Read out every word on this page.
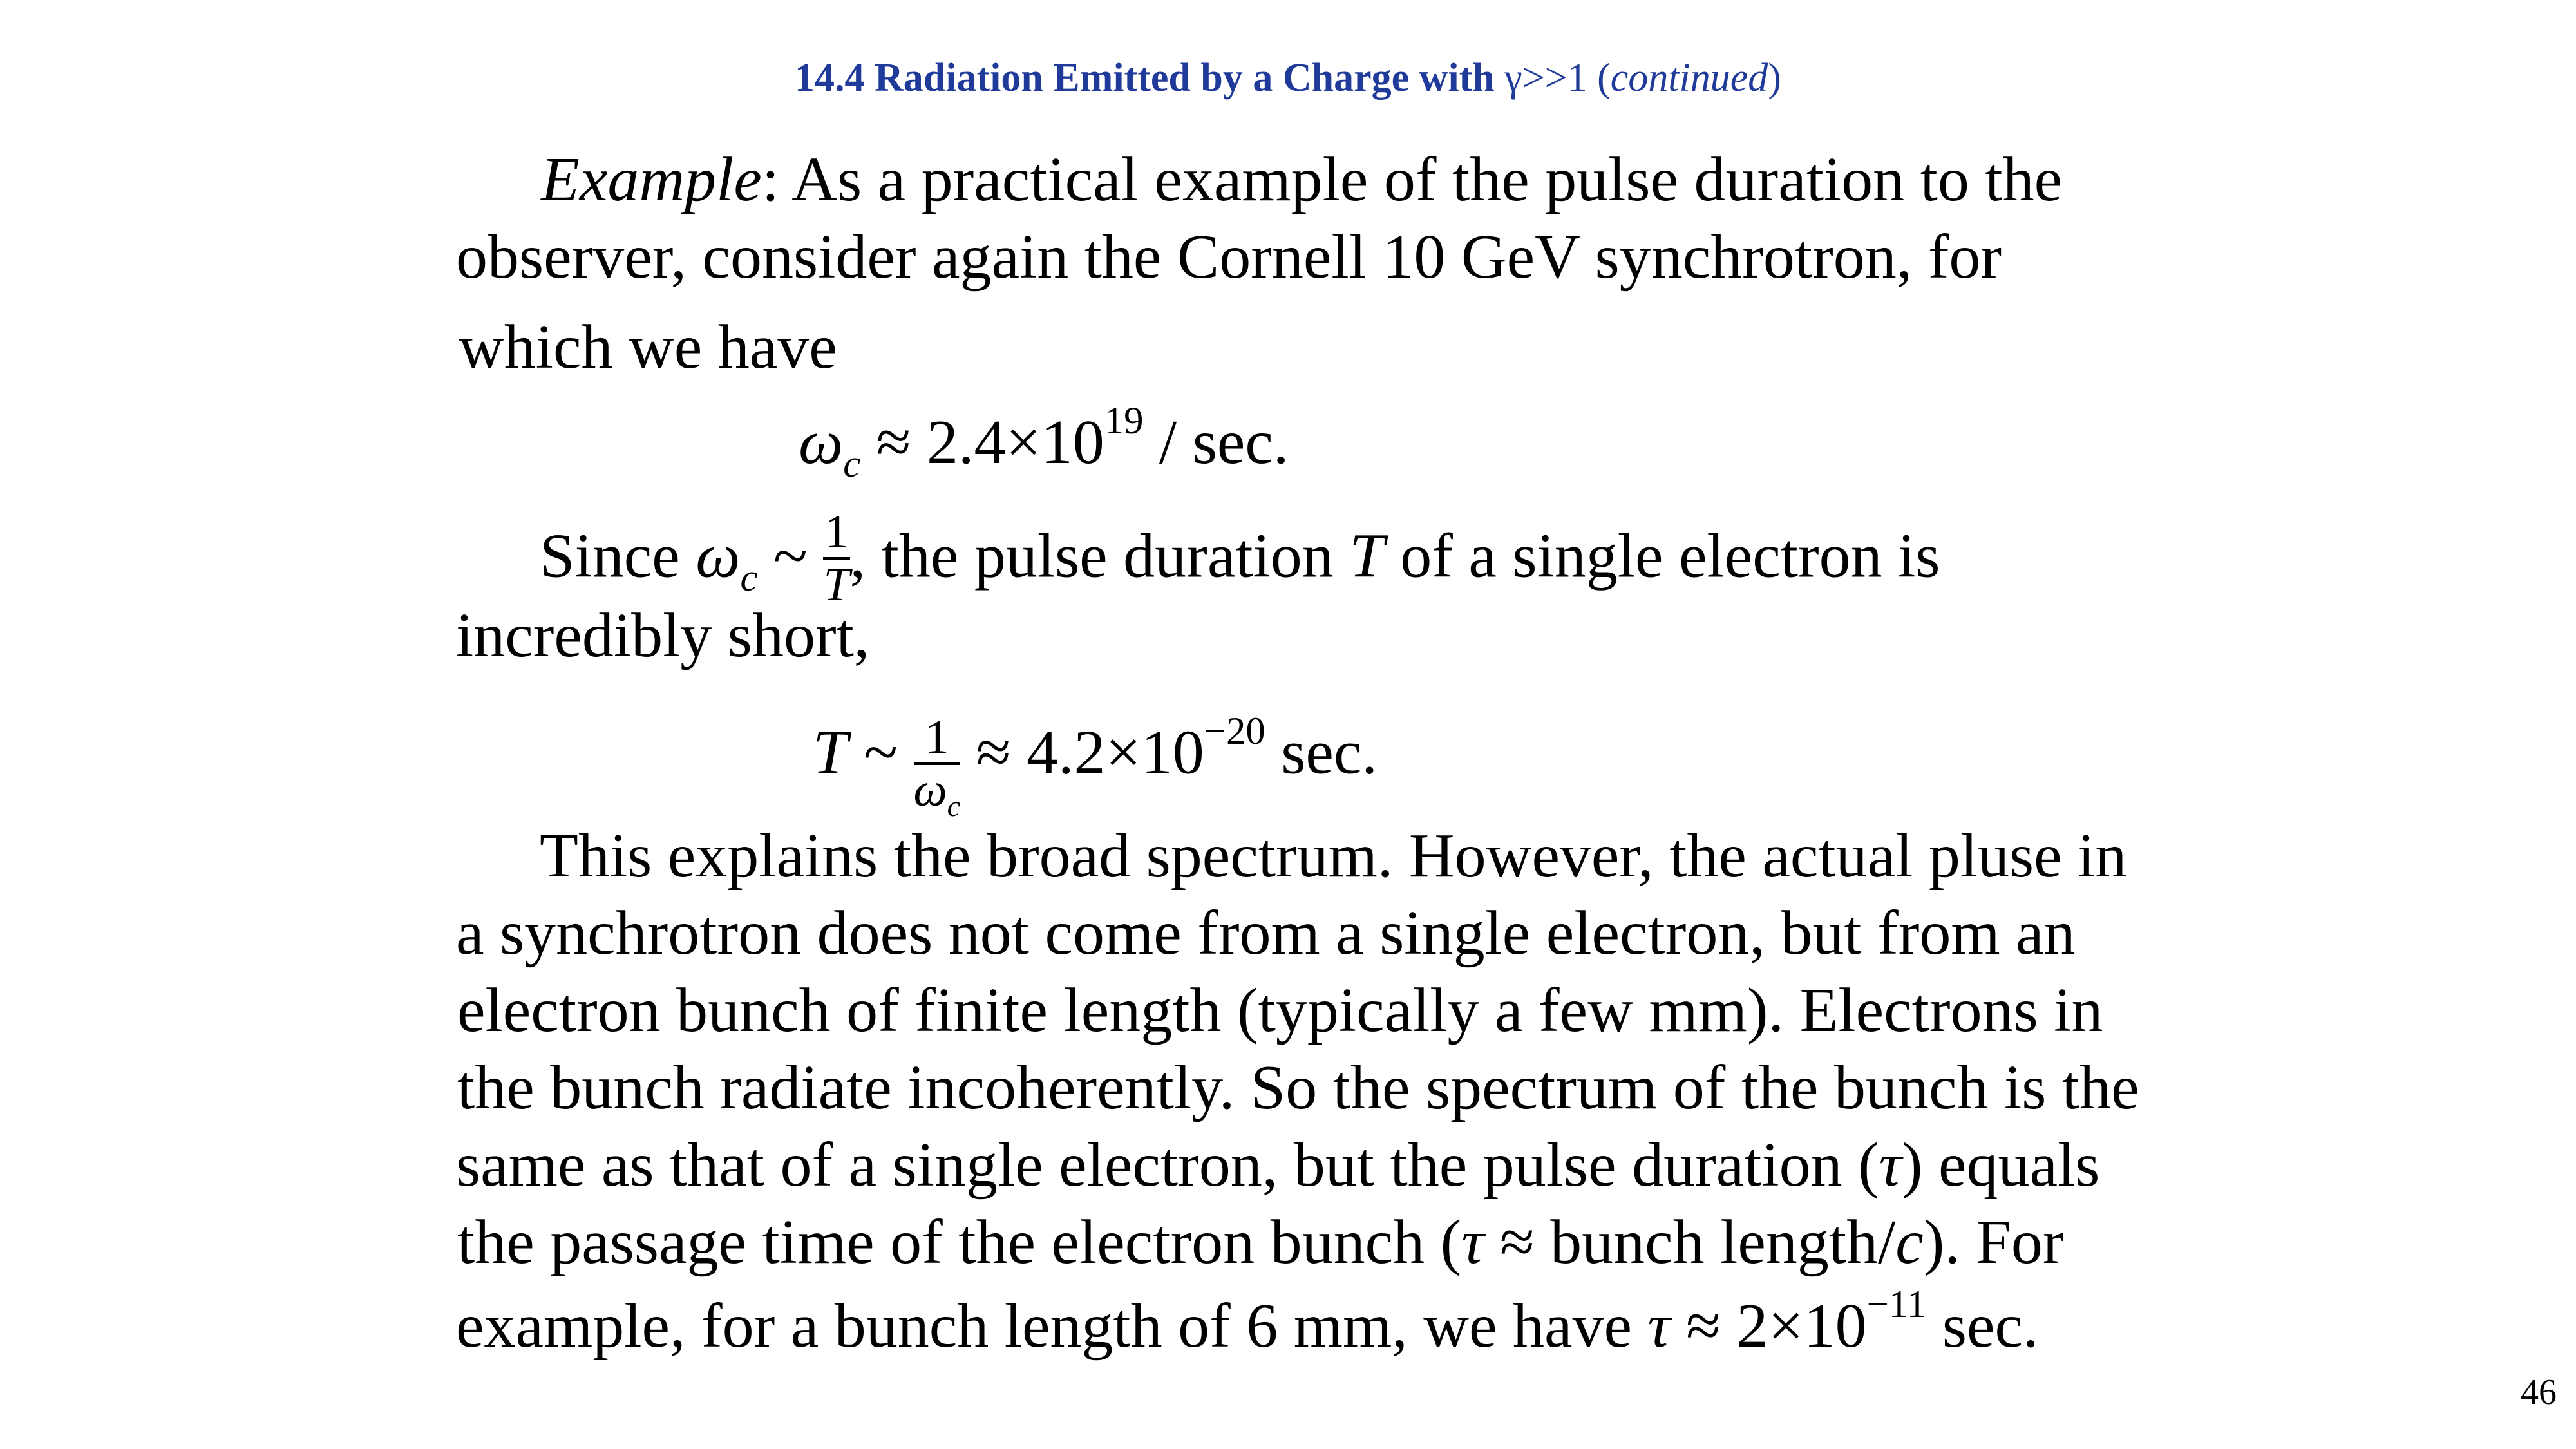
14.4 Radiation Emitted by a Charge with γ>>1 (continued)
Example: As a practical example of the pulse duration to the
observer, consider again the Cornell 10 GeV synchrotron, for
which we have
$\omega_c \approx 2.4\times 10^{19} / \sec$.
Since $\omega_c$ ~ $\frac{1}{T}$ , the pulse duration T of a single electron is
incredibly short,
T ~ $\frac{1}{\omega_c} \approx 4.2\times 10^{-20}$ sec.
This explains the broad spectrum. However, the actual pluse in
a synchrotron does not come from a single electron, but from an
electron bunch of finite length (typically a few mm). Electrons in
the bunch radiate incoherently. So the spectrum of the bunch is the
same as that of a single electron, but the pulse duration (τ) equals
the passage time of the electron bunch (τ ≈ bunch length/c). For
example, for a bunch length of 6 mm, we have $\tau \approx 2\times 10^{-11}$ sec.
46
